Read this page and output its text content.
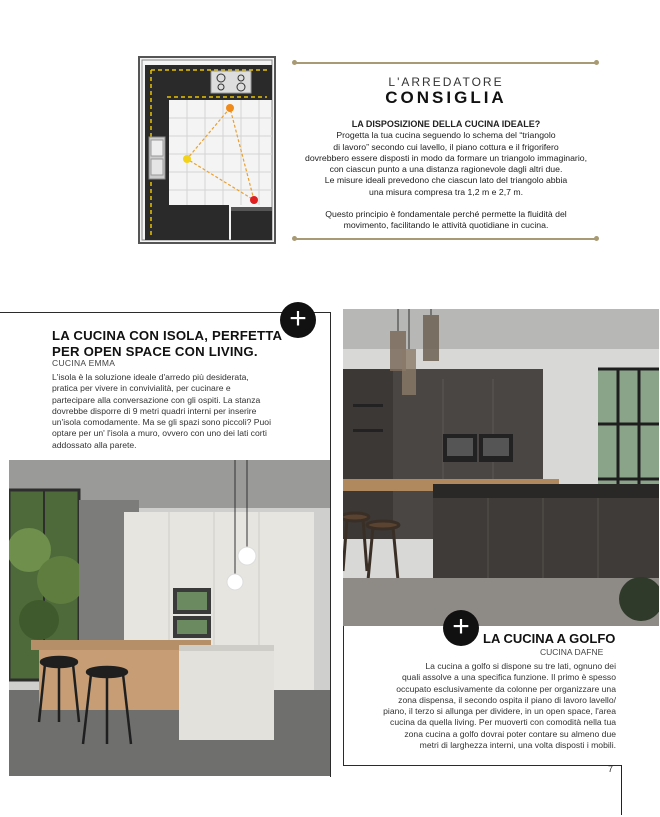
L'ARREDATORE
CONSIGLIA
LA DISPOSIZIONE DELLA CUCINA IDEALE?

Progetta la tua cucina seguendo lo schema del “triangolo
di lavoro” secondo cui lavello, il piano cottura e il frigorifero
dovrebbero essere disposti in modo da formare un triangolo immaginario,
con ciascun punto a una distanza ragionevole dagli altri due.
Le misure ideali prevedono che ciascun lato del triangolo abbia
una misura compresa tra 1,2 m e 2,7 m.

Questo principio è fondamentale perché permette la fluidità del
movimento, facilitando le attività quotidiane in cucina.

+
LA CUCINA CON ISOLA, PERFETTA
PER OPEN SPACE CON LIVING.
CUCINA EMMA
L'isola è la soluzione ideale d'arredo più desiderata,
pratica per vivere in convivialità, per cucinare e
partecipare alla conversazione con gli ospiti. La stanza
dovrebbe disporre di 9 metri quadri interni per inserire
un'isola comodamente. Ma se gli spazi sono piccoli? Puoi
optare per un' l'isola a muro, ovvero con uno dei lati corti
addossato alla parete.
+	LA CUCINA A GOLFO
CUCINA DAFNE
La cucina a golfo si dispone su tre lati, ognuno dei
quali assolve a una specifica funzione. Il primo è spesso
occupato esclusivamente da colonne per organizzare una
zona dispensa, il secondo ospita il piano di lavoro lavello/
piano, il terzo si allunga per dividere, in un open space, l'area
cucina da quella living. Per muoverti con comodità nella tua
zona cucina a golfo dovrai poter contare su almeno due
metri di larghezza interni, una volta disposti i mobili.
7
